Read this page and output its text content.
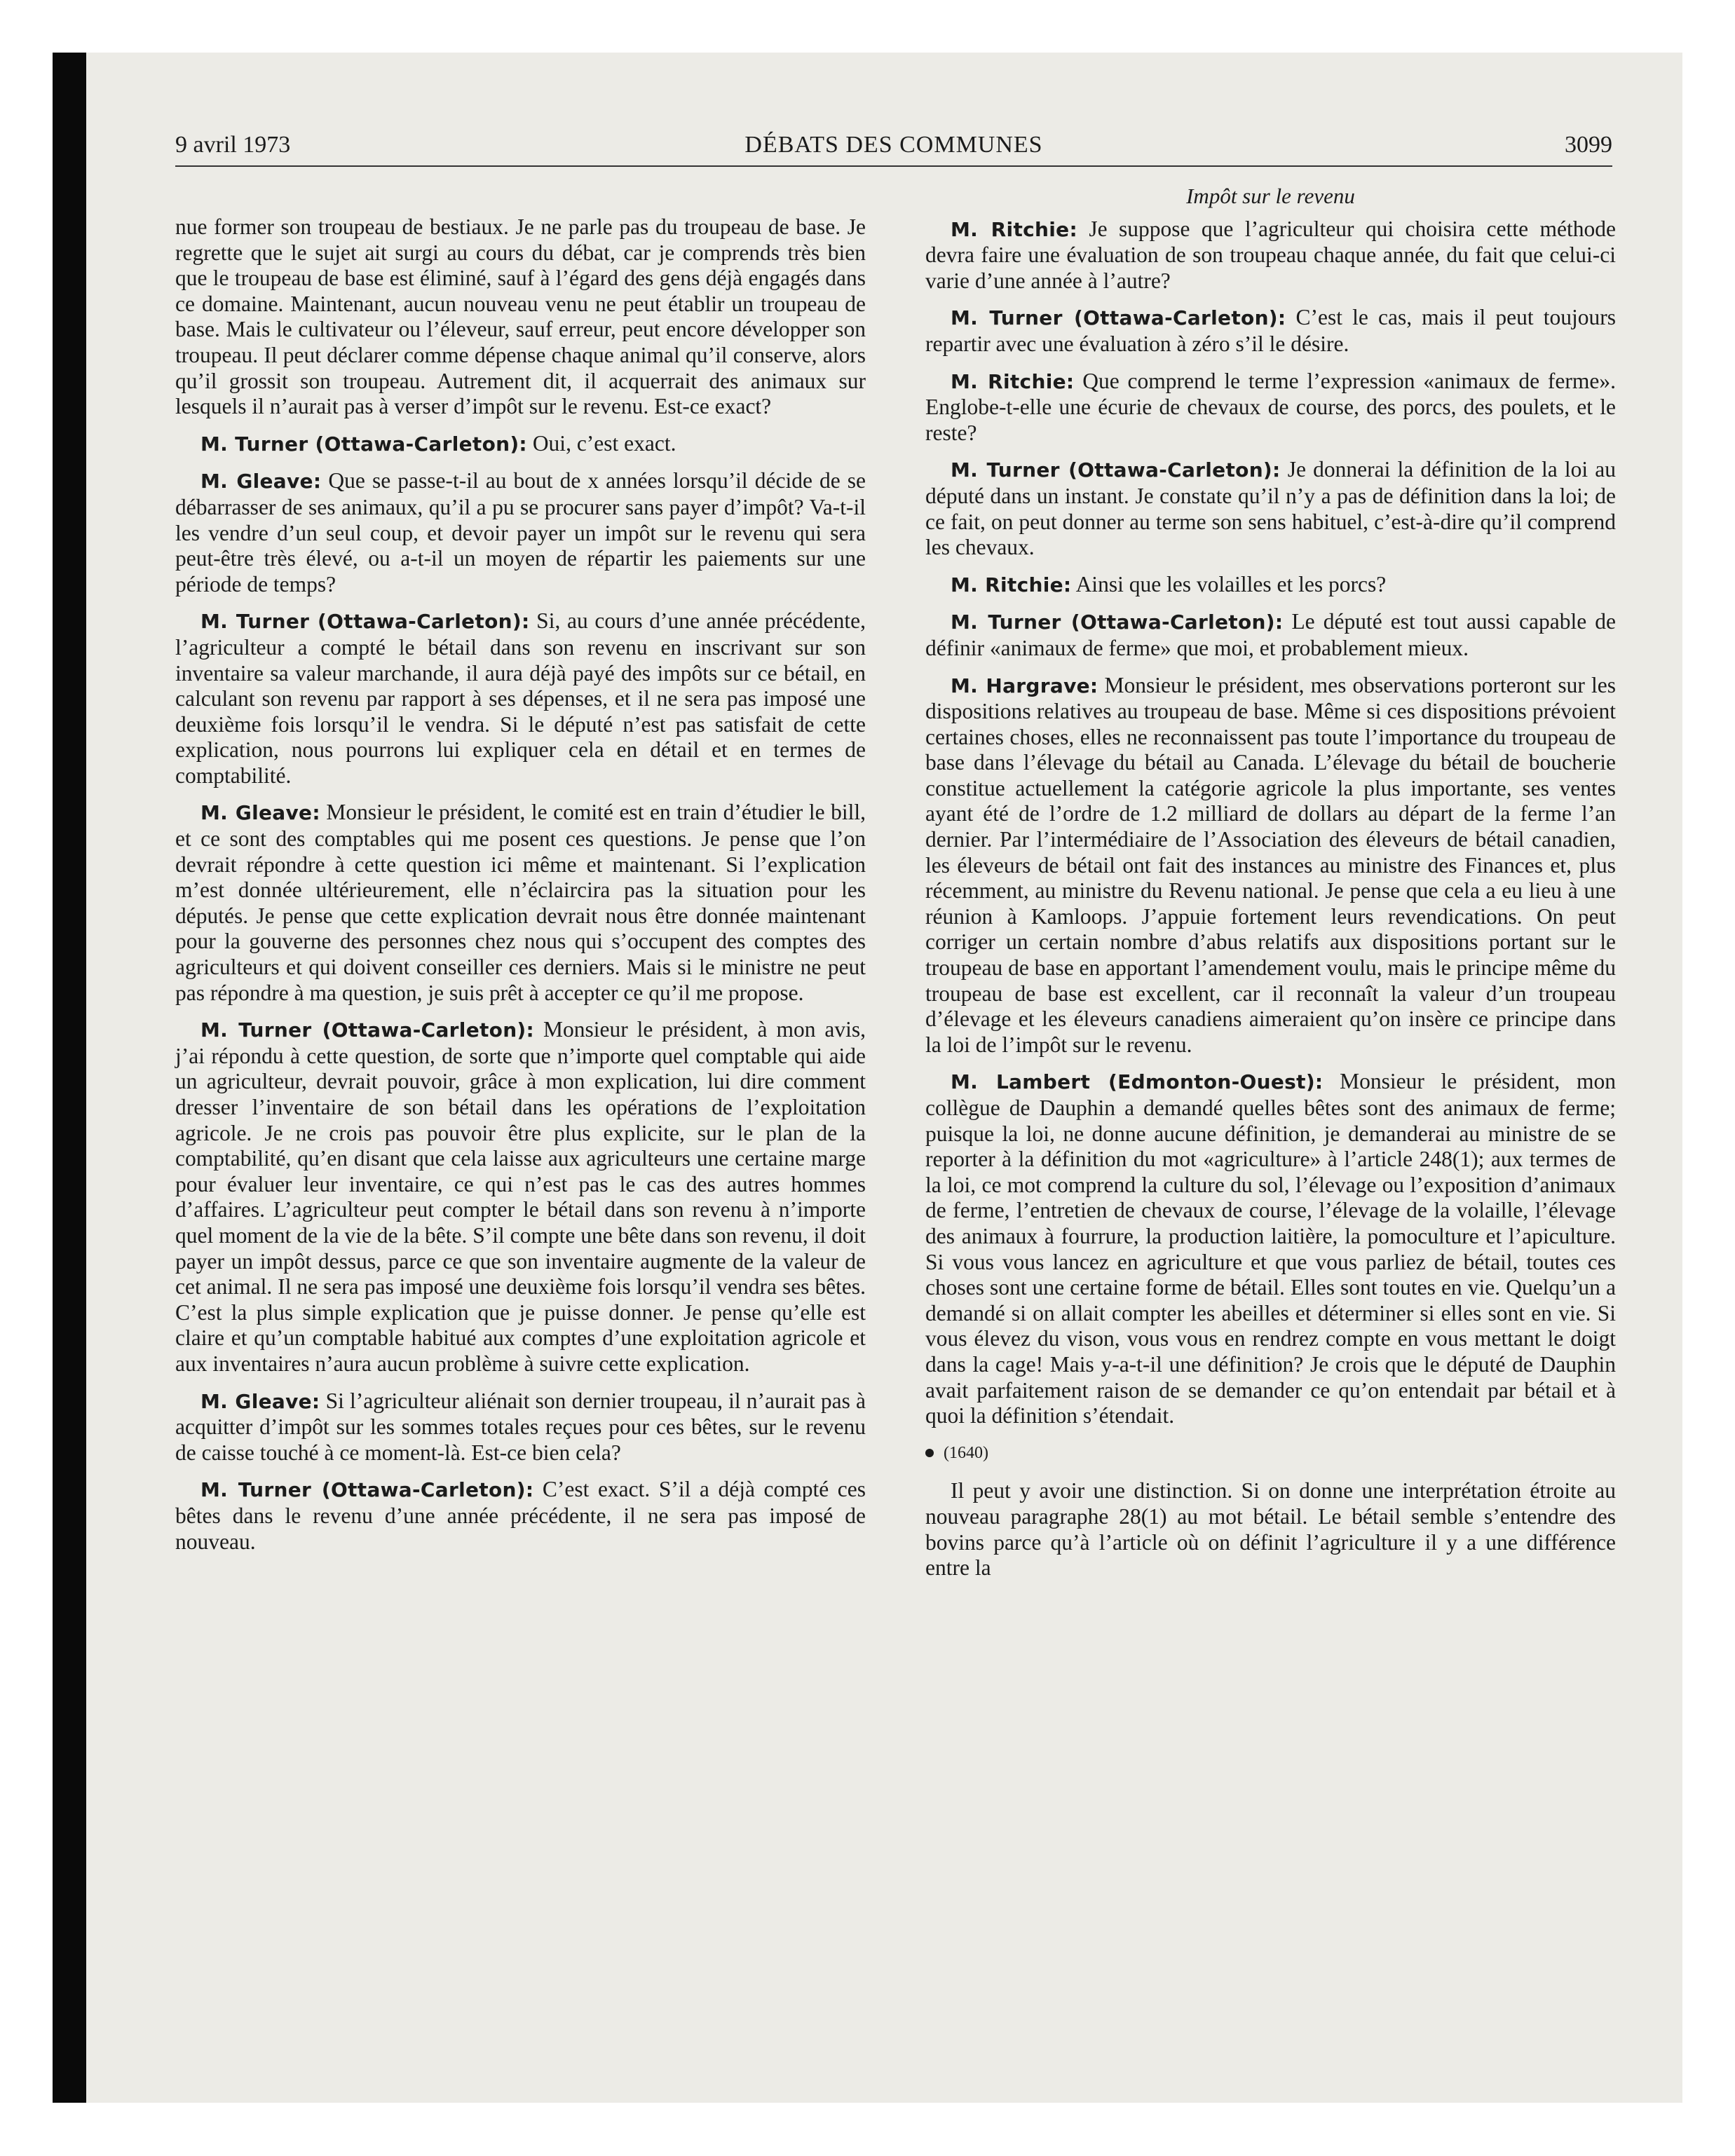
9 avril 1973	DÉBATS DES COMMUNES	3099

nue former son troupeau de bestiaux. Je ne parle pas du troupeau de base. Je regrette que le sujet ait surgi au cours du débat, car je comprends très bien que le troupeau de base est éliminé, sauf à l’égard des gens déjà engagés dans ce domaine. Maintenant, aucun nouveau venu ne peut établir un troupeau de base. Mais le cultivateur ou l’éleveur, sauf erreur, peut encore développer son troupeau. Il peut déclarer comme dépense chaque animal qu’il conserve, alors qu’il grossit son troupeau. Autrement dit, il acquerrait des animaux sur lesquels il n’aurait pas à verser d’impôt sur le revenu. Est-ce exact?

M. Turner (Ottawa-Carleton): Oui, c’est exact.

M. Gleave: Que se passe-t-il au bout de x années lorsqu’il décide de se débarrasser de ses animaux, qu’il a pu se procurer sans payer d’impôt? Va-t-il les vendre d’un seul coup, et devoir payer un impôt sur le revenu qui sera peut-être très élevé, ou a-t-il un moyen de répartir les paiements sur une période de temps?

M. Turner (Ottawa-Carleton): Si, au cours d’une année précédente, l’agriculteur a compté le bétail dans son revenu en inscrivant sur son inventaire sa valeur marchande, il aura déjà payé des impôts sur ce bétail, en calculant son revenu par rapport à ses dépenses, et il ne sera pas imposé une deuxième fois lorsqu’il le vendra. Si le député n’est pas satisfait de cette explication, nous pourrons lui expliquer cela en détail et en termes de comptabilité.

M. Gleave: Monsieur le président, le comité est en train d’étudier le bill, et ce sont des comptables qui me posent ces questions. Je pense que l’on devrait répondre à cette question ici même et maintenant. Si l’explication m’est donnée ultérieurement, elle n’éclaircira pas la situation pour les députés. Je pense que cette explication devrait nous être donnée maintenant pour la gouverne des personnes chez nous qui s’occupent des comptes des agriculteurs et qui doivent conseiller ces derniers. Mais si le ministre ne peut pas répondre à ma question, je suis prêt à accepter ce qu’il me propose.

M. Turner (Ottawa-Carleton): Monsieur le président, à mon avis, j’ai répondu à cette question, de sorte que n’importe quel comptable qui aide un agriculteur, devrait pouvoir, grâce à mon explication, lui dire comment dresser l’inventaire de son bétail dans les opérations de l’exploitation agricole. Je ne crois pas pouvoir être plus explicite, sur le plan de la comptabilité, qu’en disant que cela laisse aux agriculteurs une certaine marge pour évaluer leur inventaire, ce qui n’est pas le cas des autres hommes d’affaires. L’agriculteur peut compter le bétail dans son revenu à n’importe quel moment de la vie de la bête. S’il compte une bête dans son revenu, il doit payer un impôt dessus, parce ce que son inventaire augmente de la valeur de cet animal. Il ne sera pas imposé une deuxième fois lorsqu’il vendra ses bêtes. C’est la plus simple explication que je puisse donner. Je pense qu’elle est claire et qu’un comptable habitué aux comptes d’une exploitation agricole et aux inventaires n’aura aucun problème à suivre cette explication.

M. Gleave: Si l’agriculteur aliénait son dernier troupeau, il n’aurait pas à acquitter d’impôt sur les sommes totales reçues pour ces bêtes, sur le revenu de caisse touché à ce moment-là. Est-ce bien cela?

M. Turner (Ottawa-Carleton): C’est exact. S’il a déjà compté ces bêtes dans le revenu d’une année précédente, il ne sera pas imposé de nouveau.

Impôt sur le revenu

M. Ritchie: Je suppose que l’agriculteur qui choisira cette méthode devra faire une évaluation de son troupeau chaque année, du fait que celui-ci varie d’une année à l’autre?

M. Turner (Ottawa-Carleton): C’est le cas, mais il peut toujours repartir avec une évaluation à zéro s’il le désire.

M. Ritchie: Que comprend le terme l’expression «animaux de ferme». Englobe-t-elle une écurie de chevaux de course, des porcs, des poulets, et le reste?

M. Turner (Ottawa-Carleton): Je donnerai la définition de la loi au député dans un instant. Je constate qu’il n’y a pas de définition dans la loi; de ce fait, on peut donner au terme son sens habituel, c’est-à-dire qu’il comprend les chevaux.

M. Ritchie: Ainsi que les volailles et les porcs?

M. Turner (Ottawa-Carleton): Le député est tout aussi capable de définir «animaux de ferme» que moi, et probablement mieux.

M. Hargrave: Monsieur le président, mes observations porteront sur les dispositions relatives au troupeau de base. Même si ces dispositions prévoient certaines choses, elles ne reconnaissent pas toute l’importance du troupeau de base dans l’élevage du bétail au Canada. L’élevage du bétail de boucherie constitue actuellement la catégorie agricole la plus importante, ses ventes ayant été de l’ordre de 1.2 milliard de dollars au départ de la ferme l’an dernier. Par l’intermédiaire de l’Association des éleveurs de bétail canadien, les éleveurs de bétail ont fait des instances au ministre des Finances et, plus récemment, au ministre du Revenu national. Je pense que cela a eu lieu à une réunion à Kamloops. J’appuie fortement leurs revendications. On peut corriger un certain nombre d’abus relatifs aux dispositions portant sur le troupeau de base en apportant l’amendement voulu, mais le principe même du troupeau de base est excellent, car il reconnaît la valeur d’un troupeau d’élevage et les éleveurs canadiens aimeraient qu’on insère ce principe dans la loi de l’impôt sur le revenu.

M. Lambert (Edmonton-Ouest): Monsieur le président, mon collègue de Dauphin a demandé quelles bêtes sont des animaux de ferme; puisque la loi, ne donne aucune définition, je demanderai au ministre de se reporter à la définition du mot «agriculture» à l’article 248(1); aux termes de la loi, ce mot comprend la culture du sol, l’élevage ou l’exposition d’animaux de ferme, l’entretien de chevaux de course, l’élevage de la volaille, l’élevage des animaux à fourrure, la production laitière, la pomoculture et l’apiculture. Si vous vous lancez en agriculture et que vous parliez de bétail, toutes ces choses sont une certaine forme de bétail. Elles sont toutes en vie. Quelqu’un a demandé si on allait compter les abeilles et déterminer si elles sont en vie. Si vous élevez du vison, vous vous en rendrez compte en vous mettant le doigt dans la cage! Mais y-a-t-il une définition? Je crois que le député de Dauphin avait parfaitement raison de se demander ce qu’on entendait par bétail et à quoi la définition s’étendait.

(1640)

Il peut y avoir une distinction. Si on donne une interprétation étroite au nouveau paragraphe 28(1) au mot bétail. Le bétail semble s’entendre des bovins parce qu’à l’article où on définit l’agriculture il y a une différence entre la
